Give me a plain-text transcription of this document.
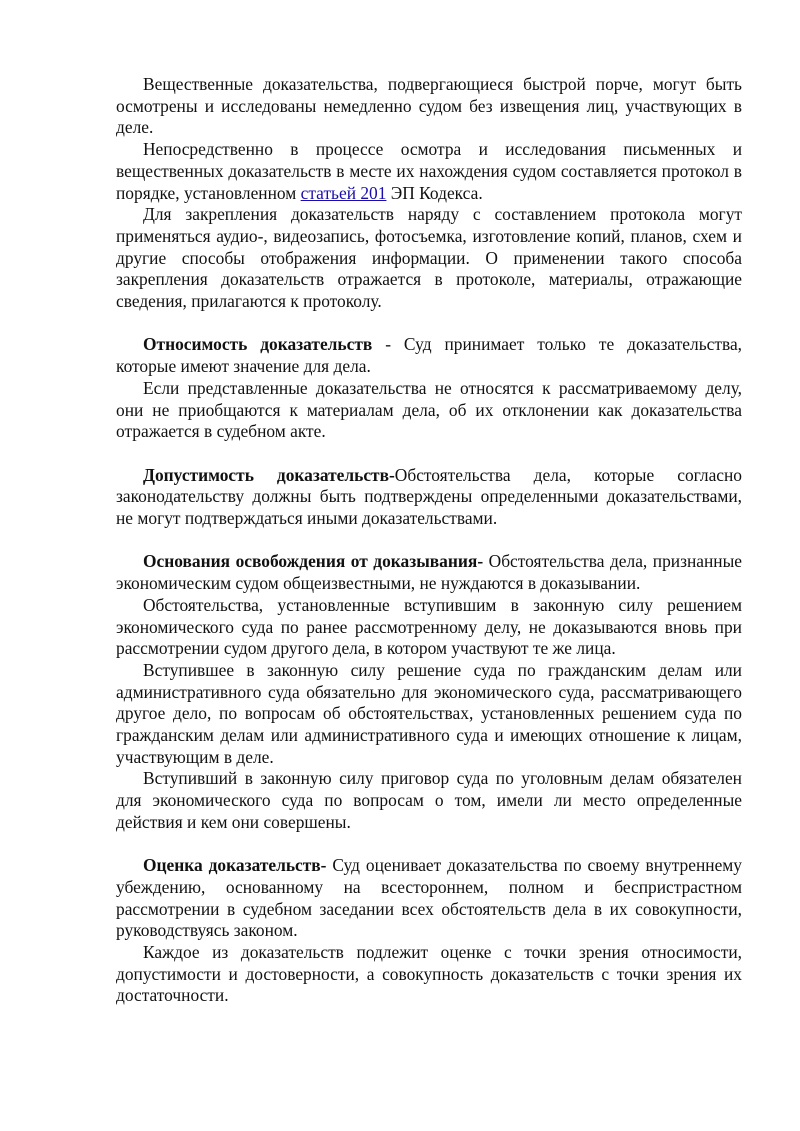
Вещественные доказательства, подвергающиеся быстрой порче, могут быть осмотрены и исследованы немедленно судом без извещения лиц, участвующих в деле.

Непосредственно в процессе осмотра и исследования письменных и вещественных доказательств в месте их нахождения судом составляется протокол в порядке, установленном статьей 201 ЭП Кодекса.

Для закрепления доказательств наряду с составлением протокола могут применяться аудио-, видеозапись, фотосъемка, изготовление копий, планов, схем и другие способы отображения информации. О применении такого способа закрепления доказательств отражается в протоколе, материалы, отражающие сведения, прилагаются к протоколу.

Относимость доказательств - Суд принимает только те доказательства, которые имеют значение для дела.

Если представленные доказательства не относятся к рассматриваемому делу, они не приобщаются к материалам дела, об их отклонении как доказательства отражается в судебном акте.

Допустимость доказательств-Обстоятельства дела, которые согласно законодательству должны быть подтверждены определенными доказательствами, не могут подтверждаться иными доказательствами.

Основания освобождения от доказывания- Обстоятельства дела, признанные экономическим судом общеизвестными, не нуждаются в доказывании.

Обстоятельства, установленные вступившим в законную силу решением экономического суда по ранее рассмотренному делу, не доказываются вновь при рассмотрении судом другого дела, в котором участвуют те же лица.

Вступившее в законную силу решение суда по гражданским делам или административного суда обязательно для экономического суда, рассматривающего другое дело, по вопросам об обстоятельствах, установленных решением суда по гражданским делам или административного суда и имеющих отношение к лицам, участвующим в деле.

Вступивший в законную силу приговор суда по уголовным делам обязателен для экономического суда по вопросам о том, имели ли место определенные действия и кем они совершены.

Оценка доказательств- Суд оценивает доказательства по своему внутреннему убеждению, основанному на всестороннем, полном и беспристрастном рассмотрении в судебном заседании всех обстоятельств дела в их совокупности, руководствуясь законом.

Каждое из доказательств подлежит оценке с точки зрения относимости, допустимости и достоверности, а совокупность доказательств с точки зрения их достаточности.
